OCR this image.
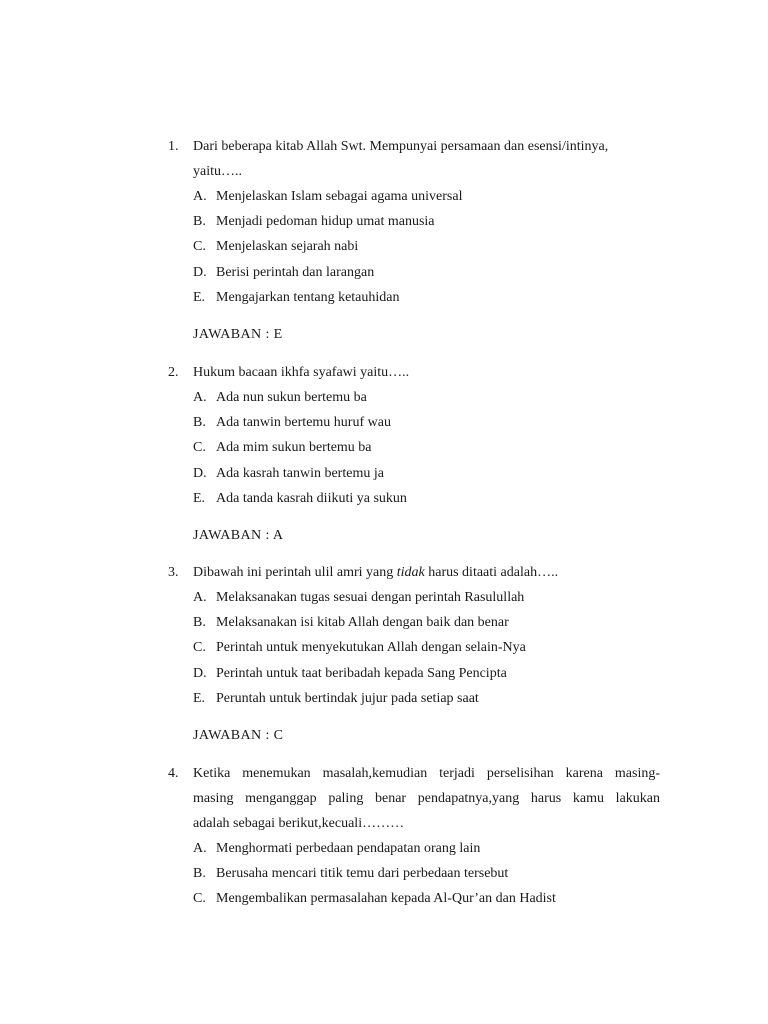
1. Dari beberapa kitab Allah Swt. Mempunyai persamaan dan esensi/intinya,
yaitu…..
A. Menjelaskan Islam sebagai agama universal
B. Menjadi pedoman hidup umat manusia
C. Menjelaskan sejarah nabi
D. Berisi perintah dan larangan
E. Mengajarkan tentang ketauhidan
JAWABAN : E
2. Hukum bacaan ikhfa syafawi yaitu…..
A. Ada nun sukun bertemu ba
B. Ada tanwin bertemu huruf wau
C. Ada mim sukun bertemu ba
D. Ada kasrah tanwin bertemu ja
E. Ada tanda kasrah diikuti ya sukun
JAWABAN : A
3. Dibawah ini perintah ulil amri yang tidak harus ditaati adalah…..
A. Melaksanakan tugas sesuai dengan perintah Rasulullah
B. Melaksanakan isi kitab Allah dengan baik dan benar
C. Perintah untuk menyekutukan Allah dengan selain-Nya
D. Perintah untuk taat beribadah kepada Sang Pencipta
E. Peruntah untuk bertindak jujur pada setiap saat
JAWABAN : C
4. Ketika menemukan masalah,kemudian terjadi perselisihan karena masing-
masing menganggap paling benar pendapatnya,yang harus kamu lakukan
adalah sebagai berikut,kecuali………
A. Menghormati perbedaan pendapatan orang lain
B. Berusaha mencari titik temu dari perbedaan tersebut
C. Mengembalikan permasalahan kepada Al-Qur’an dan Hadist
